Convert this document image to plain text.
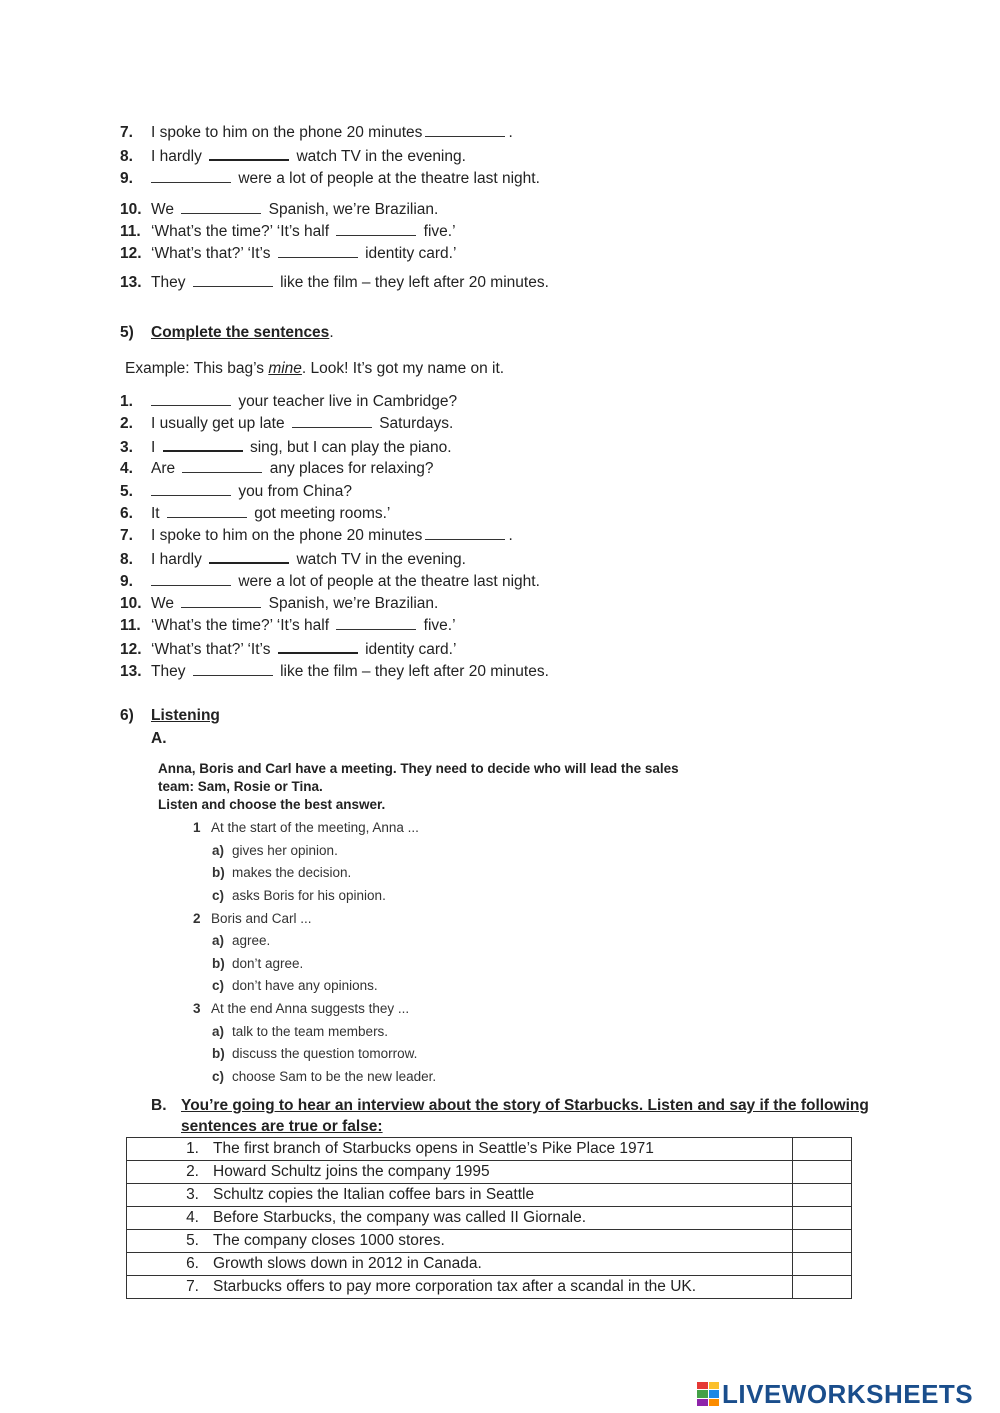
7. I spoke to him on the phone 20 minutes	.
8. I hardly	watch TV in the evening.
9.	were a lot of people at the theatre last night.
10. We	Spanish, we’re Brazilian.
11. ‘What’s the time?’ ‘It’s half	five.’
12. ‘What’s that?’ ‘It’s	identity card.’
13. They	like the film – they left after 20 minutes.
5) Complete the sentences.
Example: This bag’s mine. Look! It’s got my name on it.
1.	your teacher live in Cambridge?
2. I usually get up late	Saturdays.
3. I	sing, but I can play the piano.
4. Are	any places for relaxing?
5.	you from China?
6. It	got meeting rooms.’
7. I spoke to him on the phone 20 minutes	.
8. I hardly	watch TV in the evening.
9.	were a lot of people at the theatre last night.
10. We	Spanish, we’re Brazilian.
11. ‘What’s the time?’ ‘It’s half	five.’
12. ‘What’s that?’ ‘It’s	identity card.’
13. They	like the film – they left after 20 minutes.
6) Listening
A.
Anna, Boris and Carl have a meeting. They need to decide who will lead the sales
team: Sam, Rosie or Tina.
Listen and choose the best answer.
1 At the start of the meeting, Anna ...
a) gives her opinion.
b) makes the decision.
c) asks Boris for his opinion.
2 Boris and Carl ...
a) agree.
b) don’t agree.
c) don’t have any opinions.
3 At the end Anna suggests they ...
a) talk to the team members.
b) discuss the question tomorrow.
c) choose Sam to be the new leader.
B. You’re going to hear an interview about the story of Starbucks. Listen and say if the following
sentences are true or false:
1. The first branch of Starbucks opens in Seattle’s Pike Place 1971	
2. Howard Schultz joins the company 1995	
3. Schultz copies the Italian coffee bars in Seattle	
4. Before Starbucks, the company was called II Giornale.	
5. The company closes 1000 stores.	
6. Growth slows down in 2012 in Canada.	
7. Starbucks offers to pay more corporation tax after a scandal in the UK.	
LIVEWORKSHEETS
